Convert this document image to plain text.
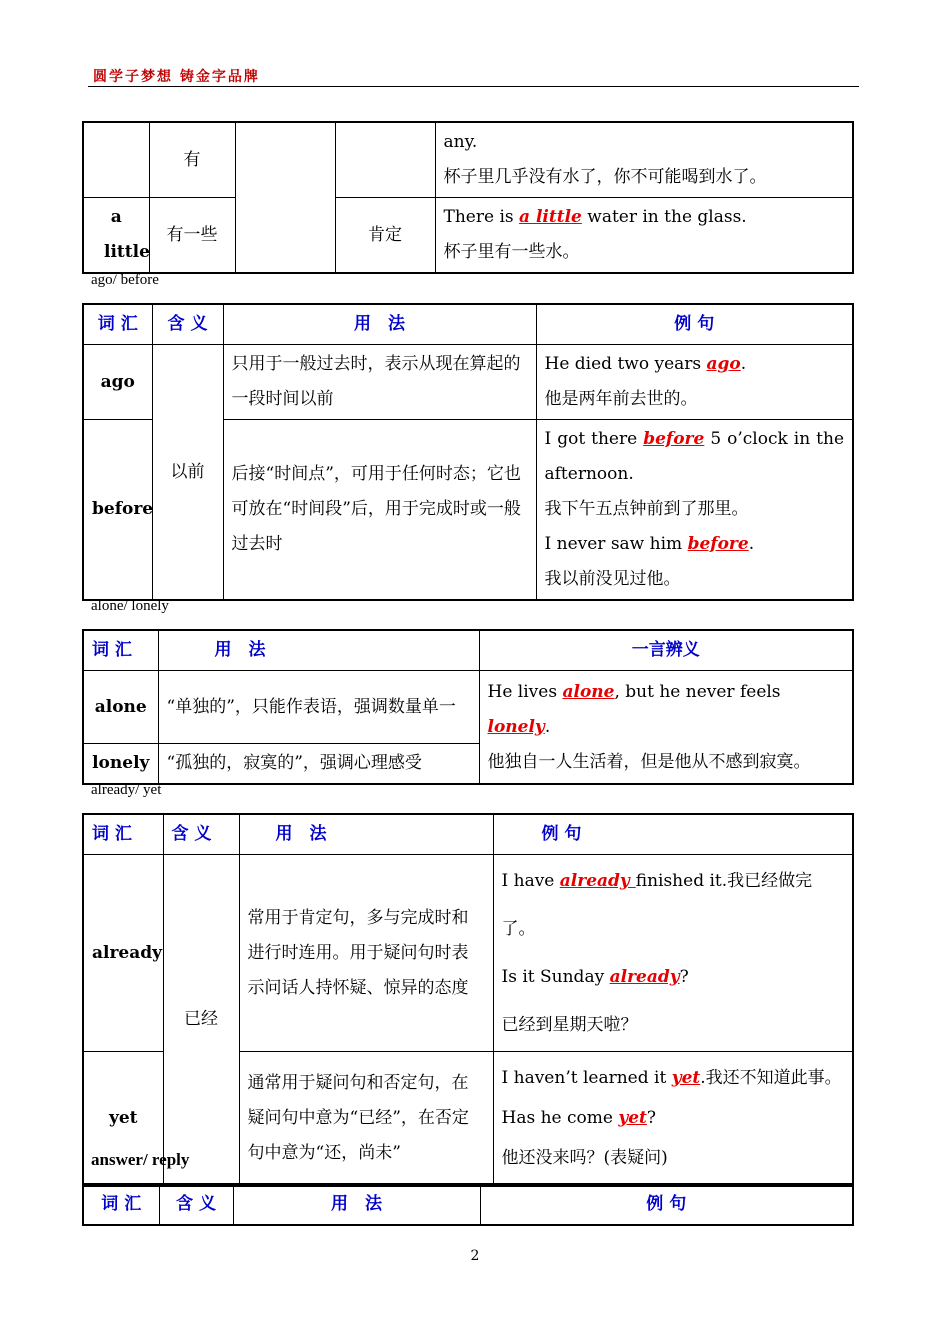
圆学子梦想 铸金字品牌
	有			any.
杯子里几乎没有水了，你不可能喝到水了。

a little	有一些		肯定	There is a little water in the glass.
杯子里有一些水。
ago/ before
词 汇	含 义	用　法	例 句
ago	以前	只用于一般过去时，表示从现在算起的一段时间以前	He died two years ago.
他是两年前去世的。

before		后接“时间点”，可用于任何时态；它也可放在“时间段”后，用于完成时或一般过去时	I got there before 5 o’clock in the afternoon.
我下午五点钟前到了那里。
I never saw him before.
我以前没见过他。
alone/ lonely
词 汇	用　法	一言辨义
alone	“单独的”，只能作表语，强调数量单一	He lives alone, but he never feels lonely.
他独自一人生活着，但是他从不感到寂寞。

lonely	“孤独的，寂寞的”，强调心理感受	
already/ yet
词 汇	含 义	用　法	例 句
already	已经	常用于肯定句，多与完成时和进行时连用。用于疑问句时表示问话人持怀疑、惊异的态度	I have already finished it.我已经做完了。
Is it Sunday already?
已经到星期天啦？

yet		通常用于疑问句和否定句，在疑问句中意为“已经”，在否定句中意为“还，尚未”	I haven’t learned it yet.我还不知道此事。
Has he come yet?
他还没来吗？(表疑问)
answer/ reply
词 汇	含 义	用　法	例 句
2
